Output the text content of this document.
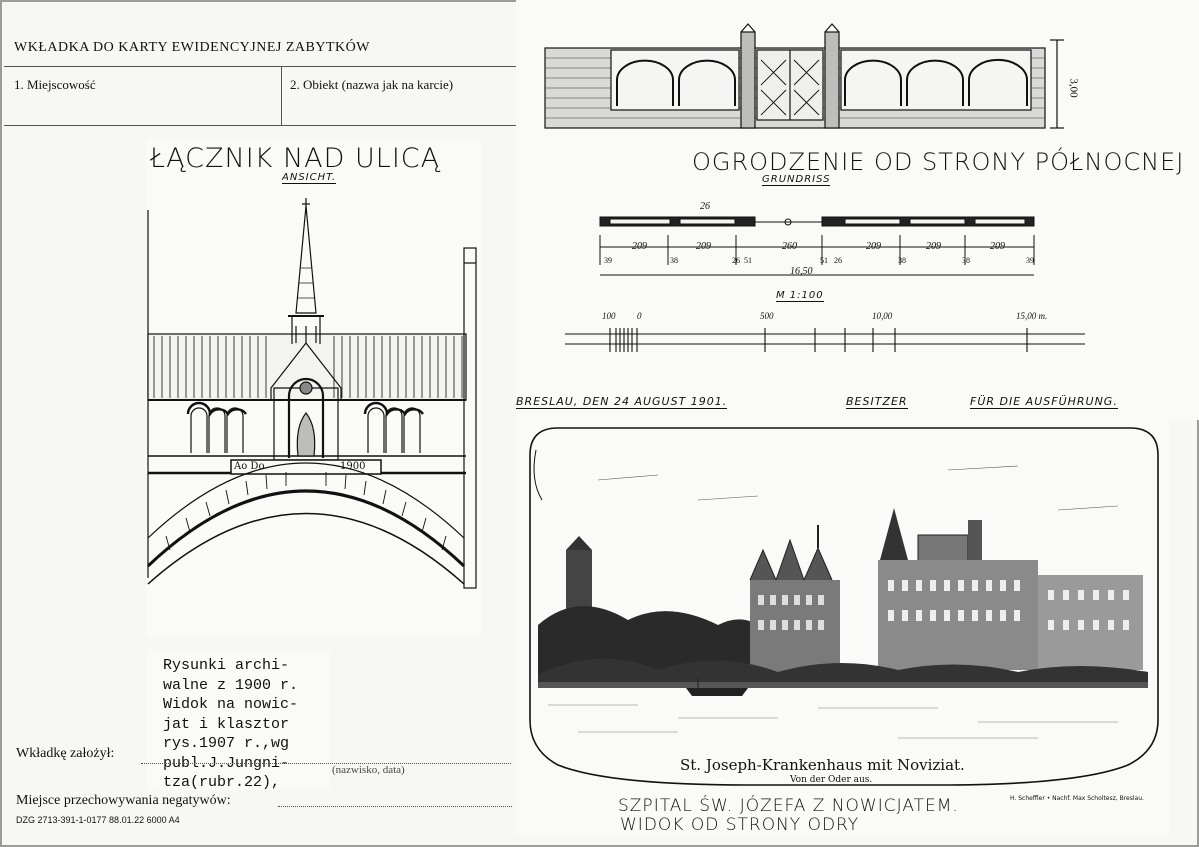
WKŁADKA DO KARTY EWIDENCYJNEJ ZABYTKÓW
1. Miejscowość	2. Obiekt (nazwa jak na karcie)
ŁĄCZNIK NAD ULICĄ
ANSICHT.
Ao Do	1900
Rysunki archi-
walne z 1900 r.
Widok na nowic-
jat i klasztor
rys.1907 r.,wg
publ.J.Jungni-
tza(rubr.22),
Wkładkę założył:
(nazwisko, data)
Miejsce przechowywania negatywów:
DZG 2713-391-1-0177 88.01.22 6000 A4
3,00
OGRODZENIE OD STRONY PÓŁNOCNEJ
GRUNDRISS
26
209	209	260	209	209	209
39	38	26 51	51 26	38	38	39
16,50
M 1:100
100 0	500	10,00	15,00 m.
BRESLAU, DEN 24 AUGUST 1901.	BESITZER	FÜR DIE AUSFÜHRUNG.
St. Joseph-Krankenhaus mit Noviziat.
Von der Oder aus.
H. Scheffler • Nachf. Max Scholtesz, Breslau.
SZPITAL ŚW. JÓZEFA Z NOWICJATEM.
WIDOK OD STRONY ODRY
